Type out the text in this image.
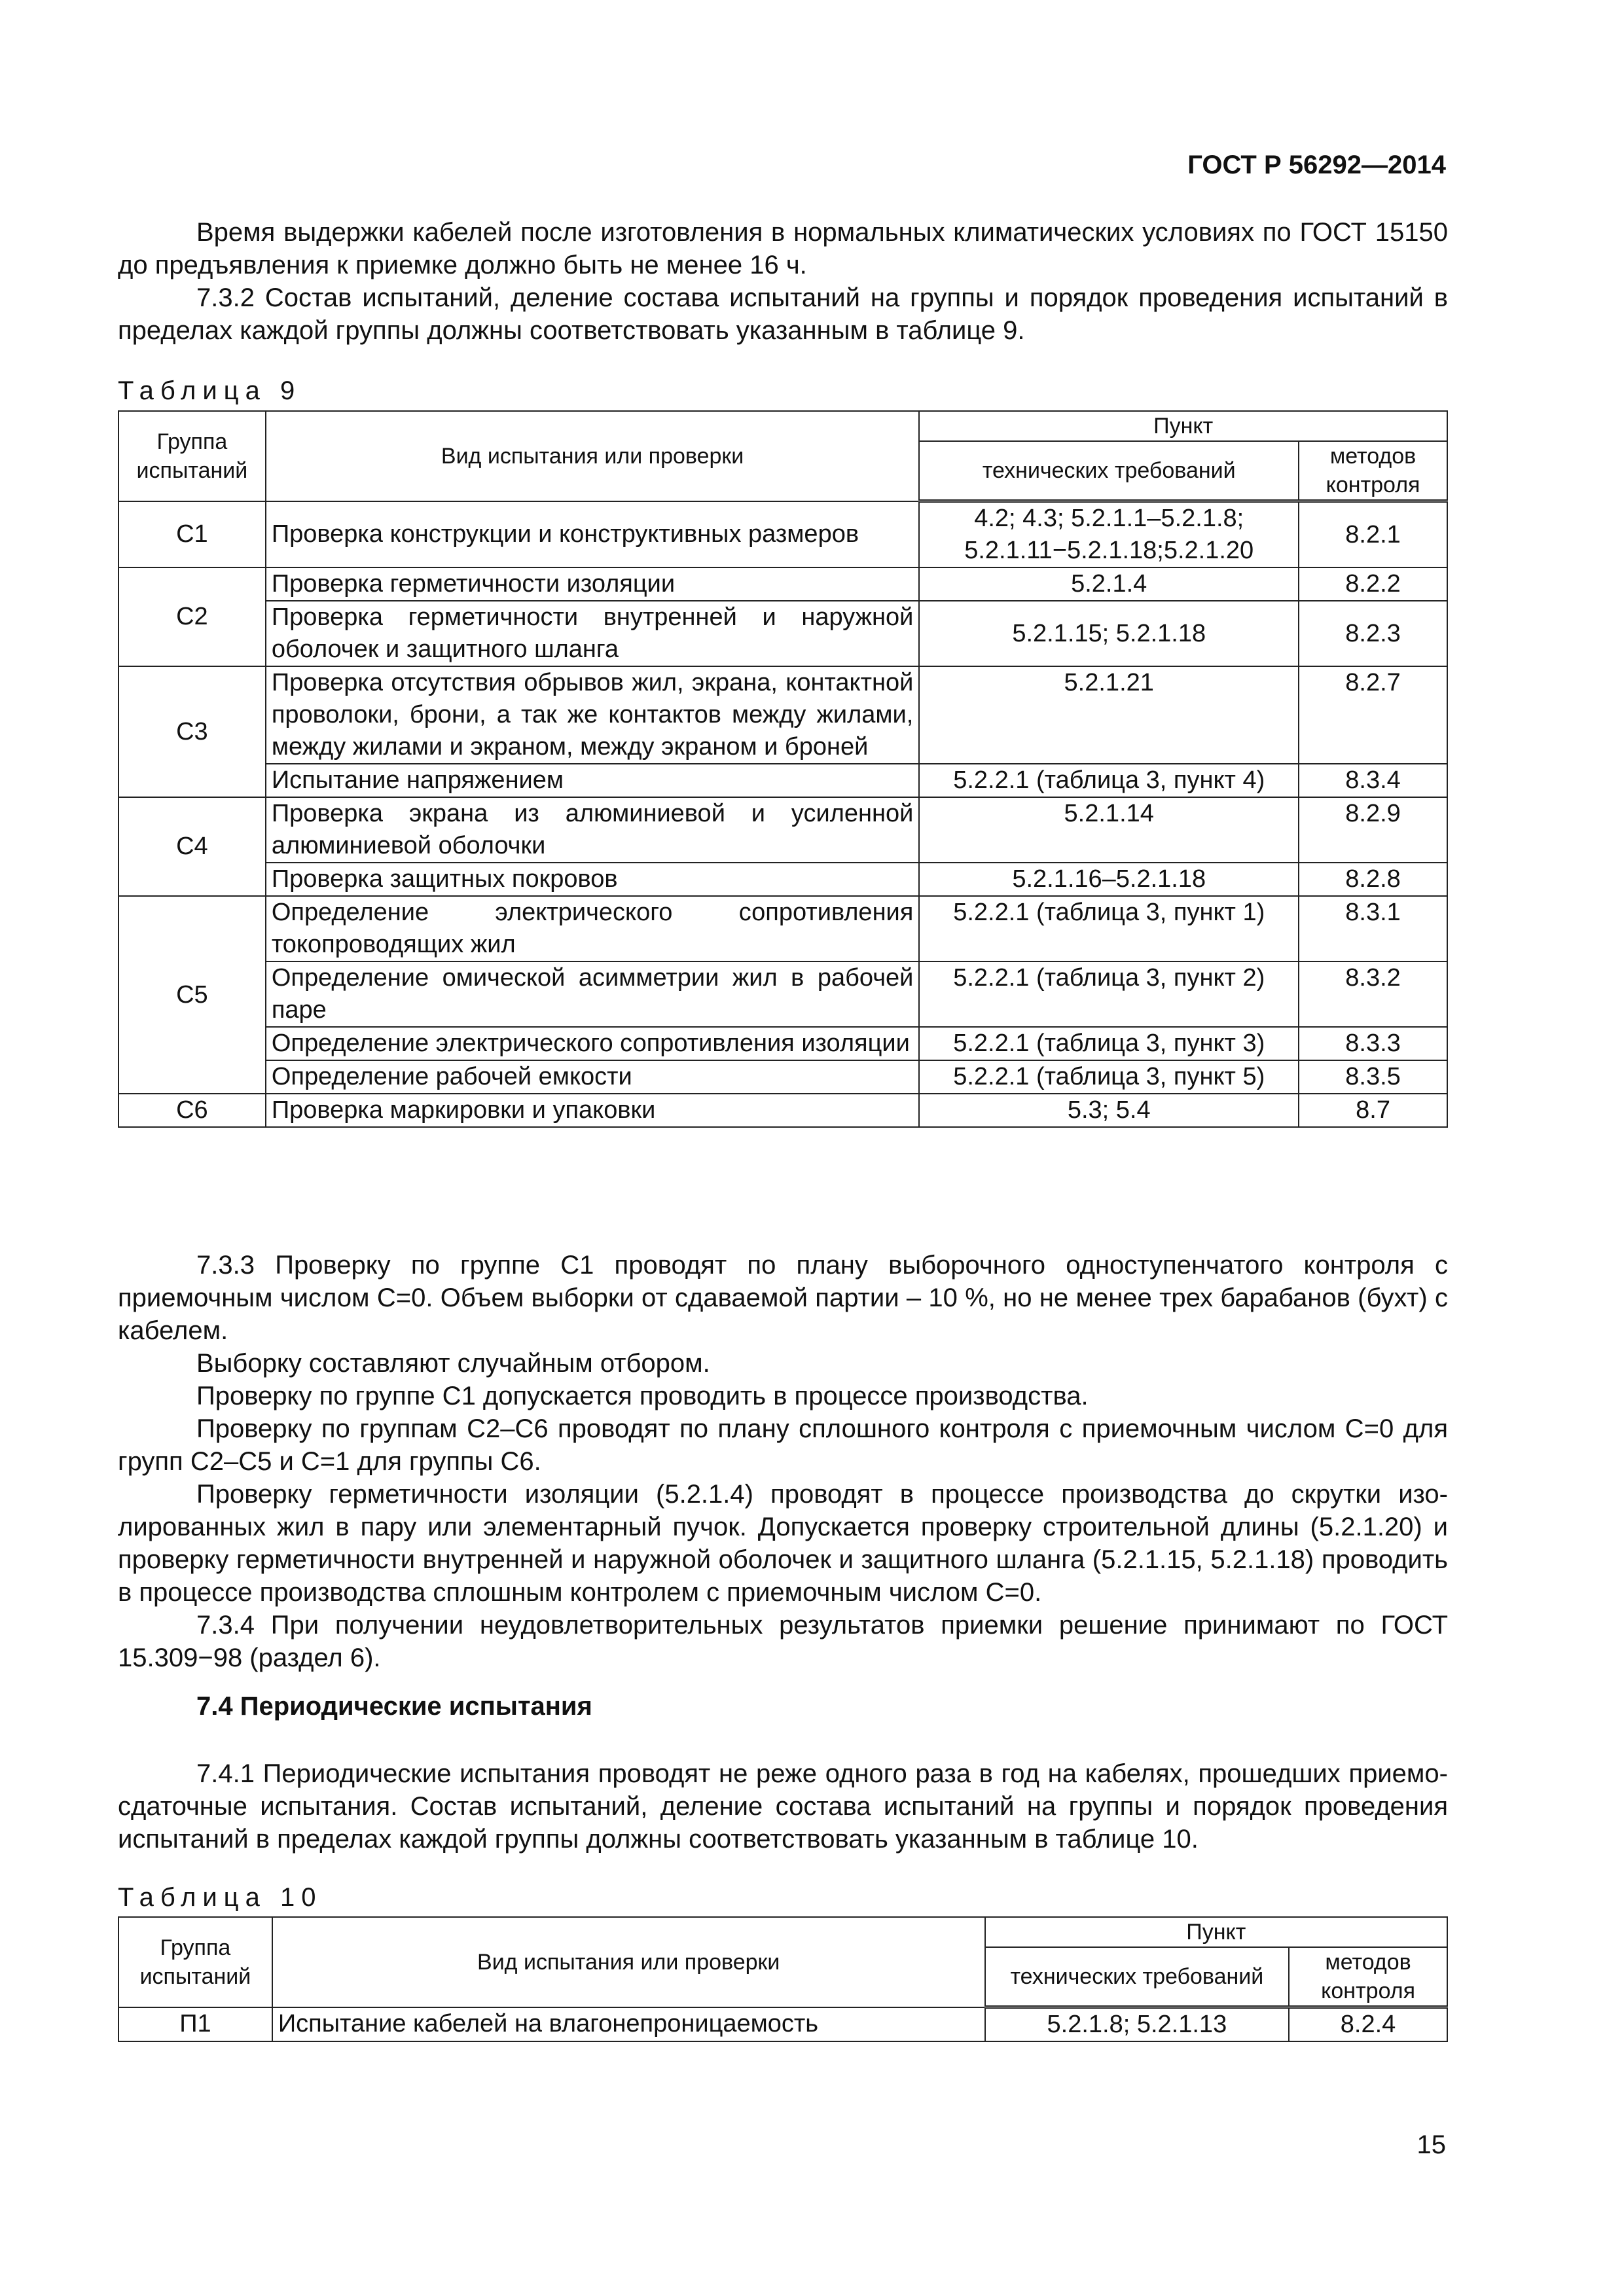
ГОСТ Р 56292—2014

Время выдержки кабелей после изготовления в нормальных климатических условиях по ГОСТ 15150 до предъявления к приемке должно быть не менее 16 ч.

7.3.2 Состав испытаний, деление состава испытаний на группы и порядок проведения испытаний в пределах каждой группы должны соответствовать указанным в таблице 9.

Таблица 9
Группа испытаний	Вид испытания или проверки	Пункт	
		технических требований	методов контроля
С1	Проверка конструкции и конструктивных размеров	4.2; 4.3; 5.2.1.1–5.2.1.8; 5.2.1.11−5.2.1.18;5.2.1.20	8.2.1
С2	Проверка герметичности изоляции	5.2.1.4	8.2.2
	Проверка герметичности внутренней и наружной оболочек и защитного шланга	5.2.1.15; 5.2.1.18	8.2.3
С3	Проверка отсутствия обрывов жил, экрана, контактной проволоки, брони, а так же контактов между жилами, между жилами и экраном, между экраном и броней	5.2.1.21	8.2.7
	Испытание напряжением	5.2.2.1 (таблица 3, пункт 4)	8.3.4
С4	Проверка экрана из алюминиевой и усиленной алюминиевой оболочки	5.2.1.14	8.2.9
	Проверка защитных покровов	5.2.1.16–5.2.1.18	8.2.8
С5	Определение электрического сопротивления токопроводящих жил	5.2.2.1 (таблица 3, пункт 1)	8.3.1
	Определение омической асимметрии жил в рабочей паре	5.2.2.1 (таблица 3, пункт 2)	8.3.2
	Определение электрического сопротивления изоляции	5.2.2.1 (таблица 3, пункт 3)	8.3.3
	Определение рабочей емкости	5.2.2.1 (таблица 3, пункт 5)	8.3.5
С6	Проверка маркировки и упаковки	5.3; 5.4	8.7

7.3.3 Проверку по группе С1 проводят по плану выборочного одноступенчатого контроля с приемочным числом С=0. Объем выборки от сдаваемой партии – 10 %, но не менее трех барабанов (бухт) с кабелем.

Выборку составляют случайным отбором.

Проверку по группе С1 допускается проводить в процессе производства.

Проверку по группам С2–С6 проводят по плану сплошного контроля с приемочным числом С=0 для групп С2–С5 и С=1 для группы С6.

Проверку герметичности изоляции (5.2.1.4) проводят в процессе производства до скрутки изолированных жил в пару или элементарный пучок. Допускается проверку строительной длины (5.2.1.20) и проверку герметичности внутренней и наружной оболочек и защитного шланга (5.2.1.15, 5.2.1.18) проводить в процессе производства сплошным контролем с приемочным числом С=0.

7.3.4 При получении неудовлетворительных результатов приемки решение принимают по ГОСТ 15.309−98 (раздел 6).

7.4 Периодические испытания

7.4.1 Периодические испытания проводят не реже одного раза в год на кабелях, прошедших приемо-сдаточные испытания. Состав испытаний, деление состава испытаний на группы и порядок проведения испытаний в пределах каждой группы должны соответствовать указанным в таблице 10.

Таблица 10
Группа испытаний	Вид испытания или проверки	Пункт	
		технических требований	методов контроля
П1	Испытание кабелей на влагонепроницаемость	5.2.1.8; 5.2.1.13	8.2.4
15
